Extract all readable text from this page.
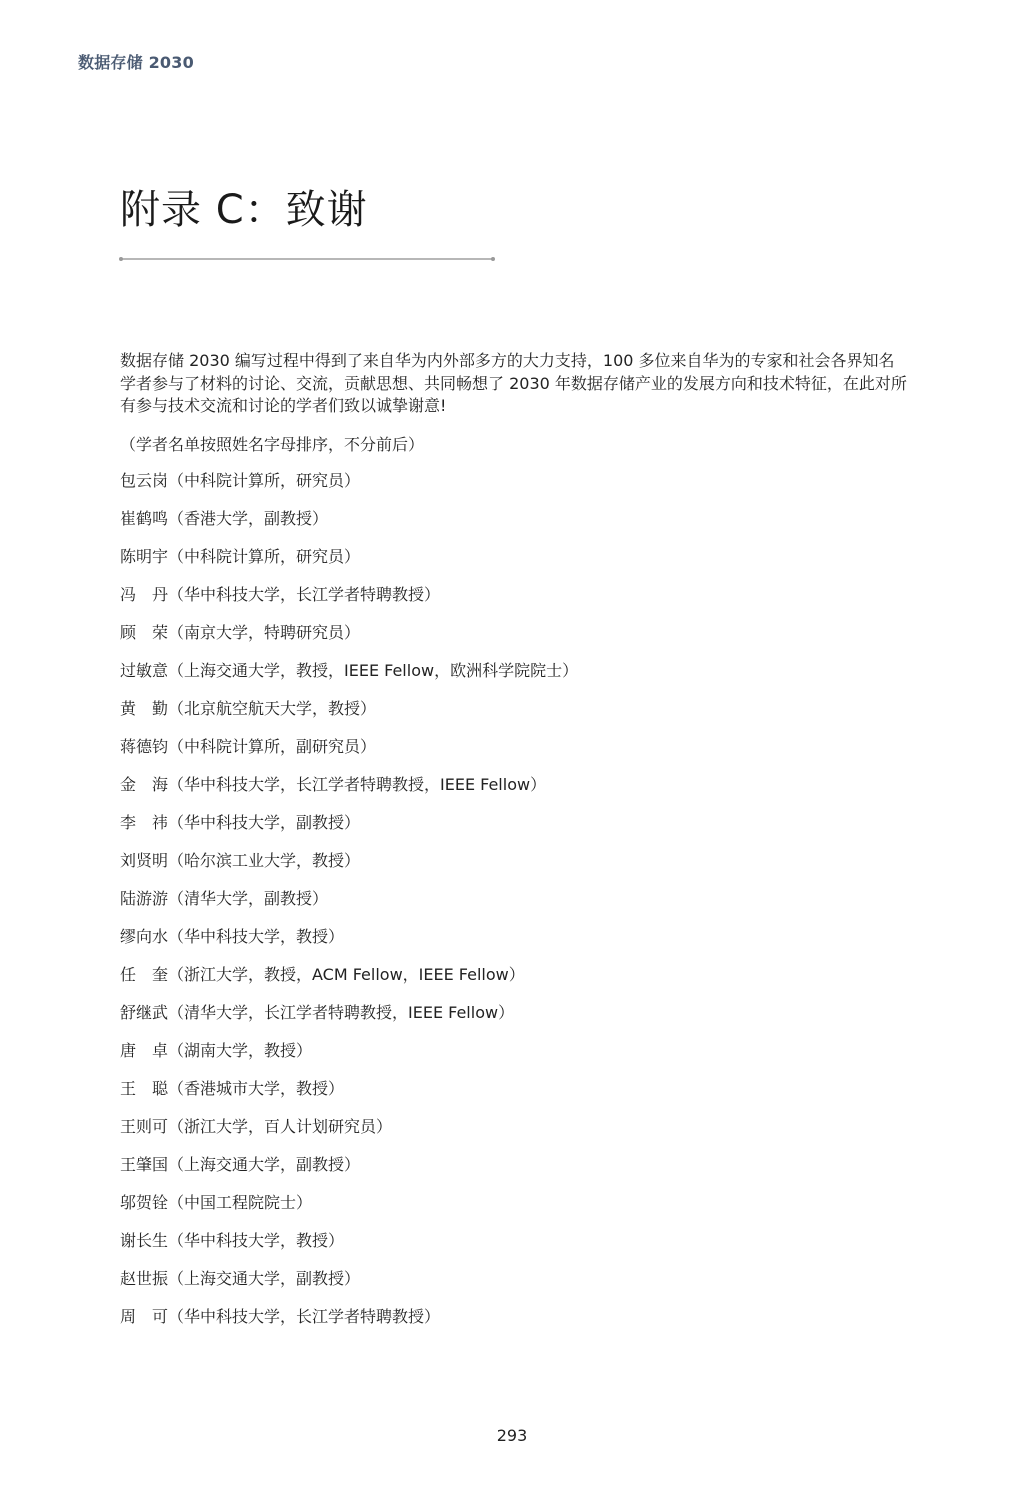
数据存储 2030
附录 C：致谢

数据存储 2030 编写过程中得到了来自华为内外部多方的大力支持，100 多位来自华为的专家和社会各界知名学者参与了材料的讨论、交流，贡献思想、共同畅想了 2030 年数据存储产业的发展方向和技术特征，在此对所有参与技术交流和讨论的学者们致以诚挚谢意!

（学者名单按照姓名字母排序，不分前后）

包云岗（中科院计算所，研究员）
崔鹤鸣（香港大学，副教授）
陈明宇（中科院计算所，研究员）
冯　丹（华中科技大学，长江学者特聘教授）
顾　荣（南京大学，特聘研究员）
过敏意（上海交通大学，教授，IEEE Fellow，欧洲科学院院士）
黄　勤（北京航空航天大学，教授）
蒋德钧（中科院计算所，副研究员）
金　海（华中科技大学，长江学者特聘教授，IEEE Fellow）
李　祎（华中科技大学，副教授）
刘贤明（哈尔滨工业大学，教授）
陆游游（清华大学，副教授）
缪向水（华中科技大学，教授）
任　奎（浙江大学，教授，ACM Fellow，IEEE Fellow）
舒继武（清华大学，长江学者特聘教授，IEEE Fellow）
唐　卓（湖南大学，教授）
王　聪（香港城市大学，教授）
王则可（浙江大学，百人计划研究员）
王肇国（上海交通大学，副教授）
邬贺铨（中国工程院院士）
谢长生（华中科技大学，教授）
赵世振（上海交通大学，副教授）
周　可（华中科技大学，长江学者特聘教授）
293
